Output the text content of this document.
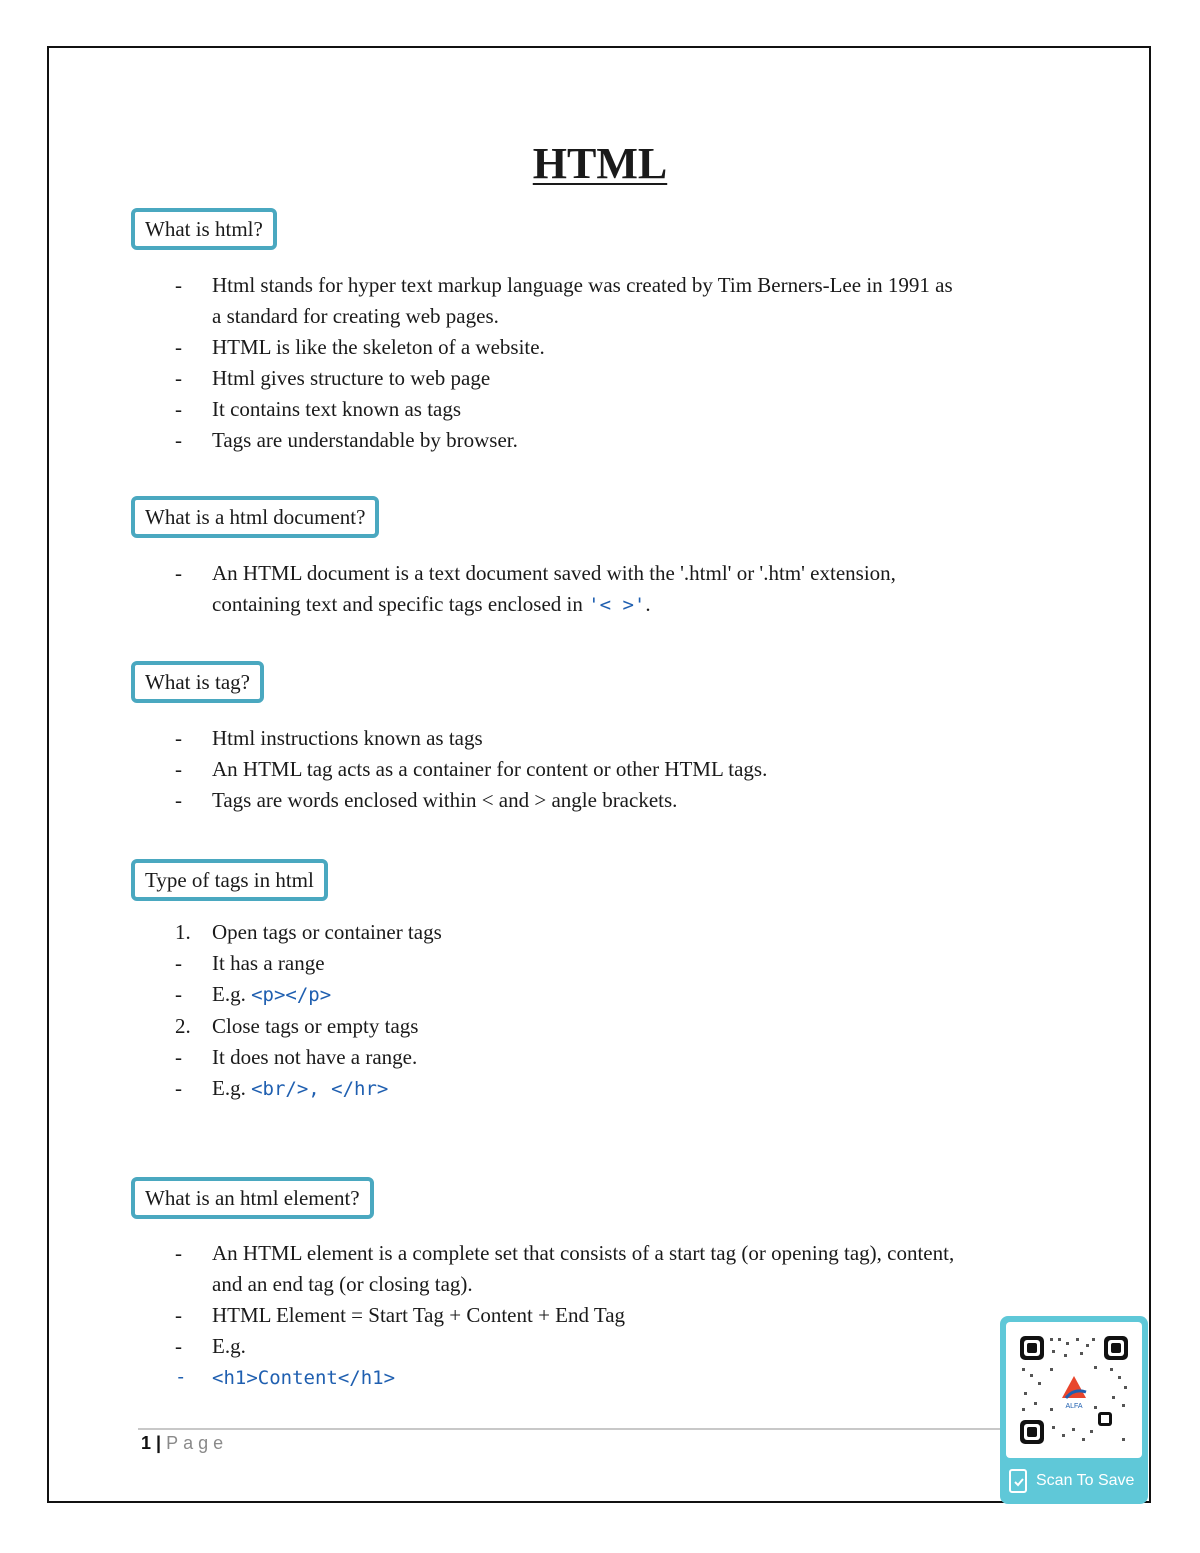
HTML
What is html?
-	Html stands for hyper text markup language was created by Tim Berners-Lee in 1991 as
a standard for creating web pages.
-	HTML is like the skeleton of a website.
-	Html gives structure to web page
-	It contains text known as tags
-	Tags are understandable by browser.
What is a html document?
-	An HTML document is a text document saved with the '.html' or '.htm' extension,
containing text and specific tags enclosed in '< >'.
What is tag?
-	Html instructions known as tags
-	An HTML tag acts as a container for content or other HTML tags.
-	Tags are words enclosed within < and > angle brackets.
Type of tags in html
1.	Open tags or container tags
-	It has a range
-	E.g. <p></p>
2.	Close tags or empty tags
-	It does not have a range.
-	E.g. <br/>, </hr>
What is an html element?
-	An HTML element is a complete set that consists of a start tag (or opening tag), content,
and an end tag (or closing tag).
-	HTML Element = Start Tag + Content + End Tag
-	E.g.
-	<h1>Content</h1>
1 | Page
ALFA
Scan To Save
